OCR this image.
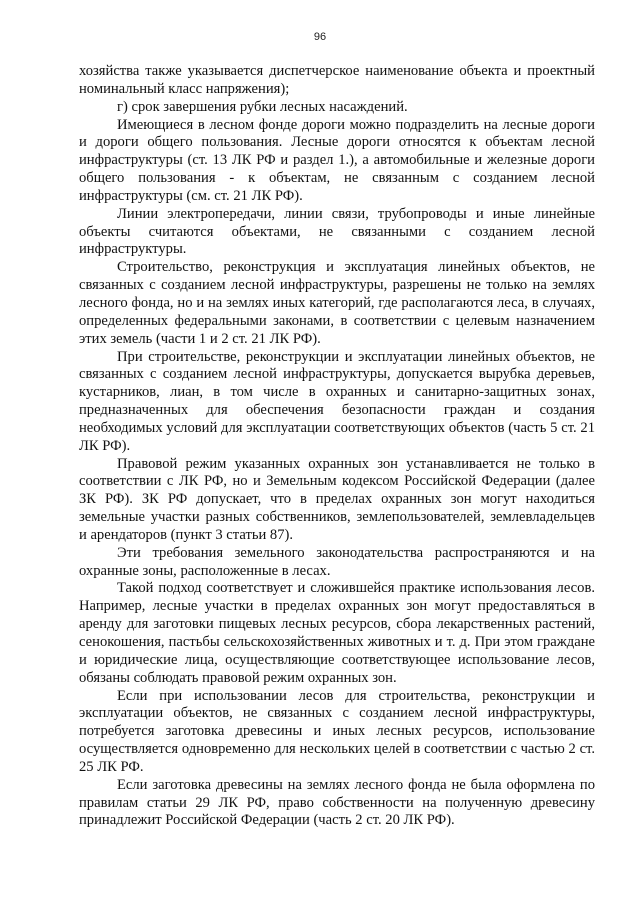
96

хозяйства также указывается диспетчерское наименование объекта и проектный номинальный класс напряжения);

г) срок завершения рубки лесных насаждений.

Имеющиеся в лесном фонде дороги можно подразделить на лесные дороги и дороги общего пользования. Лесные дороги относятся к объектам лесной инфраструктуры (ст. 13 ЛК РФ и раздел 1.), а автомобильные и железные дороги общего пользования - к объектам, не связанным с созданием лесной инфраструктуры (см. ст. 21 ЛК РФ).

Линии электропередачи, линии связи, трубопроводы и иные линейные объекты считаются объектами, не связанными с созданием лесной инфраструктуры.

Строительство, реконструкция и эксплуатация линейных объектов, не связанных с созданием лесной инфраструктуры, разрешены не только на землях лесного фонда, но и на землях иных категорий, где располагаются леса, в случаях, определенных федеральными законами, в соответствии с целевым назначением этих земель (части 1 и 2 ст. 21 ЛК РФ).

При строительстве, реконструкции и эксплуатации линейных объектов, не связанных с созданием лесной инфраструктуры, допускается вырубка деревьев, кустарников, лиан, в том числе в охранных и санитарно-защитных зонах, предназначенных для обеспечения безопасности граждан и создания необходимых условий для эксплуатации соответствующих объектов (часть 5 ст. 21 ЛК РФ).

Правовой режим указанных охранных зон устанавливается не только в соответствии с ЛК РФ, но и Земельным кодексом Российской Федерации (далее ЗК РФ). ЗК РФ допускает, что в пределах охранных зон могут находиться земельные участки разных собственников, землепользователей, землевладельцев и арендаторов (пункт 3 статьи 87).

Эти требования земельного законодательства распространяются и на охранные зоны, расположенные в лесах.

Такой подход соответствует и сложившейся практике использования лесов. Например, лесные участки в пределах охранных зон могут предоставляться в аренду для заготовки пищевых лесных ресурсов, сбора лекарственных растений, сенокошения, пастьбы сельскохозяйственных животных и т. д. При этом граждане и юридические лица, осуществляющие соответствующее использование лесов, обязаны соблюдать правовой режим охранных зон.

Если при использовании лесов для строительства, реконструкции и эксплуатации объектов, не связанных с созданием лесной инфраструктуры, потребуется заготовка древесины и иных лесных ресурсов, использование осуществляется одновременно для нескольких целей в соответствии с частью 2 ст. 25 ЛК РФ.

Если заготовка древесины на землях лесного фонда не была оформлена по правилам статьи 29 ЛК РФ, право собственности на полученную древесину принадлежит Российской Федерации (часть 2 ст. 20 ЛК РФ).
